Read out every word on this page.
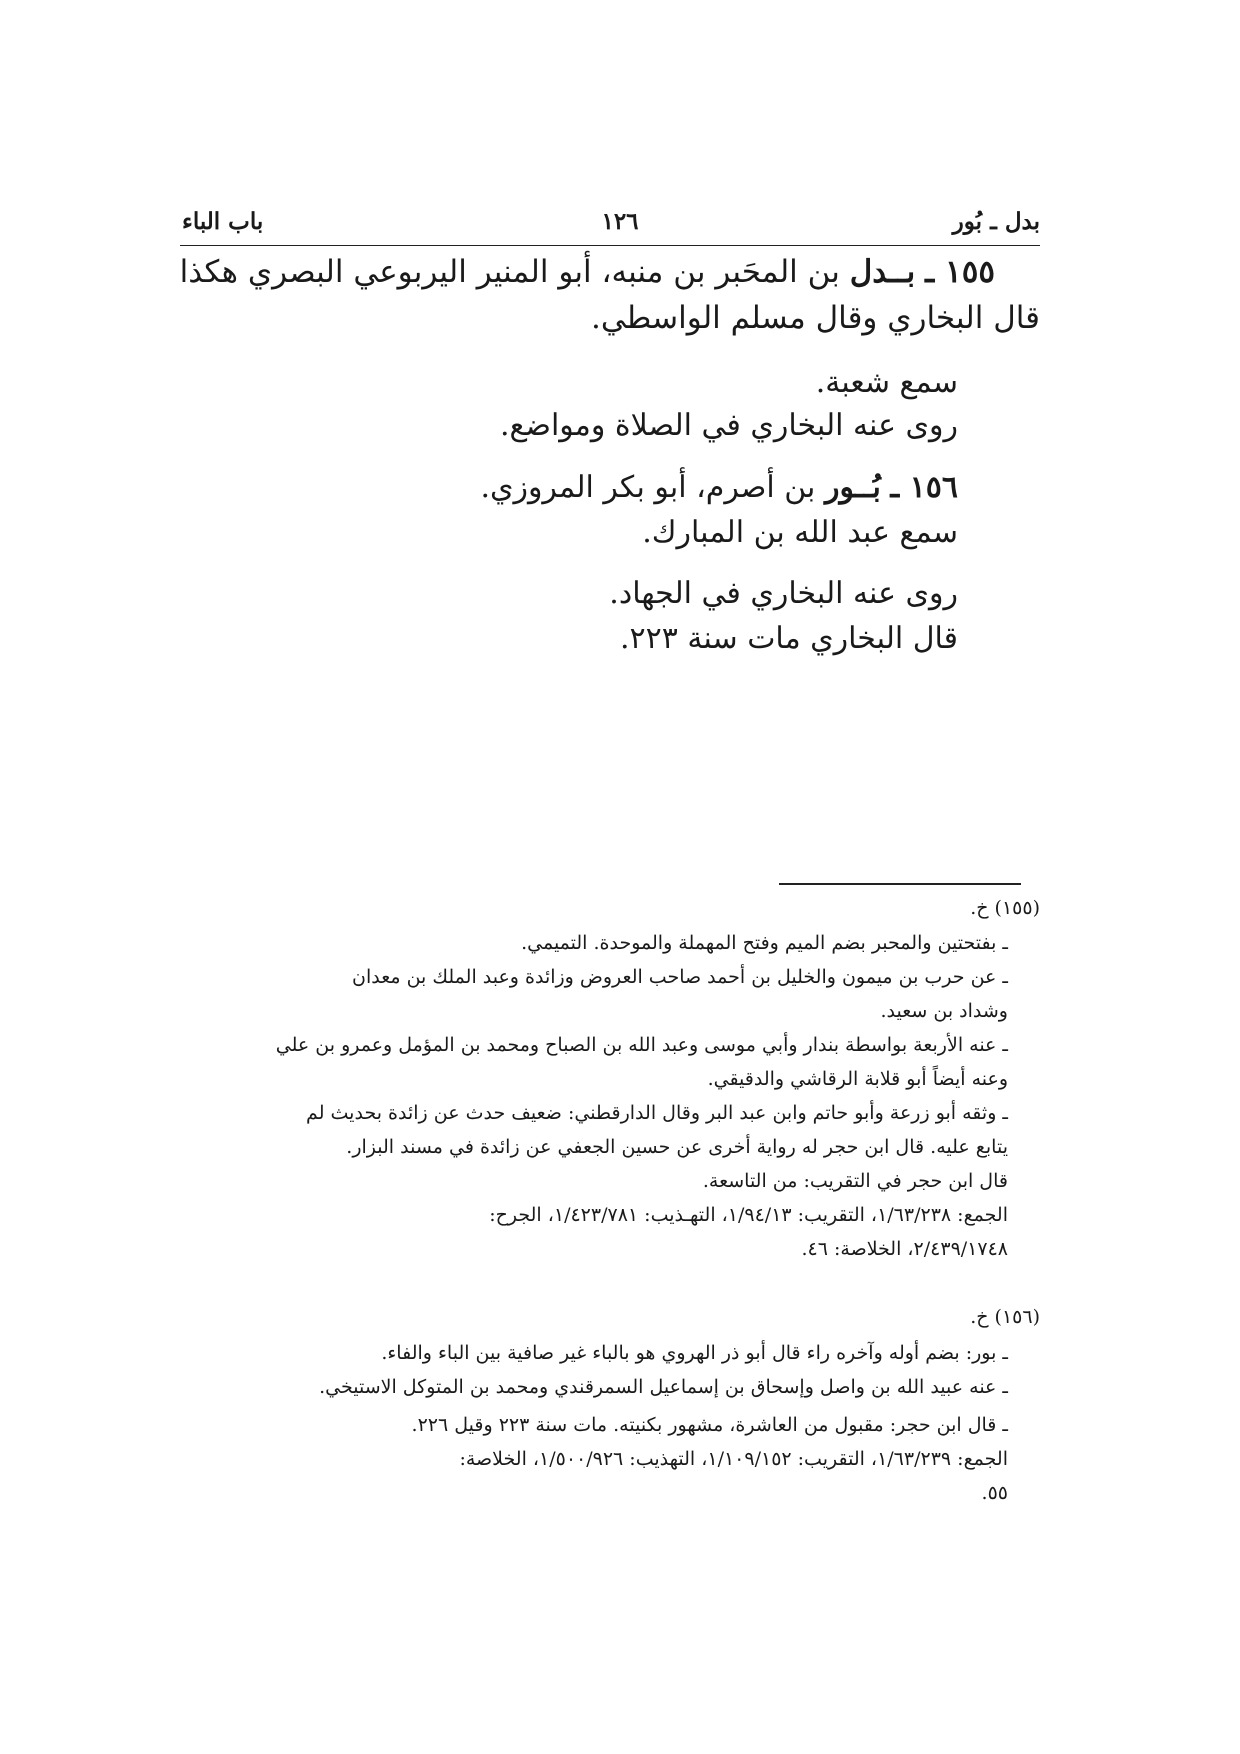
بدل ـ بُور
١٢٦
باب الباء
١٥٥ ـ بــدل بن المحَبر بن منبه، أبو المنير اليربوعي البصري هكذا
قال البخاري وقال مسلم الواسطي.
سمع شعبة.
روى عنه البخاري في الصلاة ومواضع.
١٥٦ ـ بُــور بن أصرم، أبو بكر المروزي.
سمع عبد الله بن المبارك.
روى عنه البخاري في الجهاد.
قال البخاري مات سنة ٢٢٣.
(١٥٥) خ.
ـ بفتحتين والمحبر بضم الميم وفتح المهملة والموحدة. التميمي.
ـ عن حرب بن ميمون والخليل بن أحمد صاحب العروض وزائدة وعبد الملك بن معدان
وشداد بن سعيد.
ـ عنه الأربعة بواسطة بندار وأبي موسى وعبد الله بن الصباح ومحمد بن المؤمل وعمرو بن علي
وعنه أيضاً أبو قلابة الرقاشي والدقيقي.
ـ وثقه أبو زرعة وأبو حاتم وابن عبد البر وقال الدارقطني: ضعيف حدث عن زائدة بحديث لم
يتابع عليه. قال ابن حجر له رواية أخرى عن حسين الجعفي عن زائدة في مسند البزار.
قال ابن حجر في التقريب: من التاسعة.
الجمع: ١/٦٣/٢٣٨، التقريب: ١/٩٤/١٣، التهـذيب: ١/٤٢٣/٧٨١، الجرح:
٢/٤٣٩/١٧٤٨، الخلاصة: ٤٦.
(١٥٦) خ.
ـ بور: بضم أوله وآخره راء قال أبو ذر الهروي هو بالباء غير صافية بين الباء والفاء.
ـ عنه عبيد الله بن واصل وإسحاق بن إسماعيل السمرقندي ومحمد بن المتوكل الاستيخي.
ـ قال ابن حجر: مقبول من العاشرة، مشهور بكنيته. مات سنة ٢٢٣ وقيل ٢٢٦.
الجمع: ١/٦٣/٢٣٩، التقريب: ١/١٠٩/١٥٢، التهذيب: ١/٥٠٠/٩٢٦، الخلاصة:
٥٥.
